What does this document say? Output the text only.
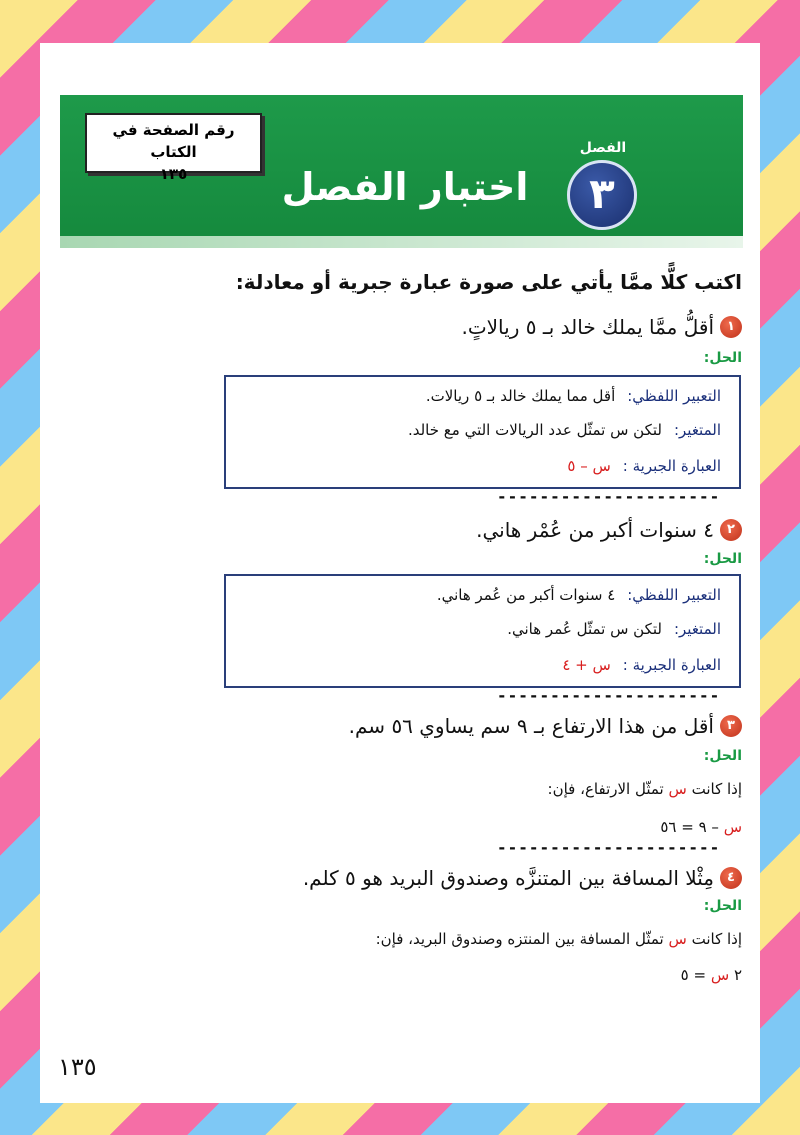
رقم الصفحة في الكتاب
١٣٥	اختبار الفصل
الفصل
٣
اكتب كلًّا ممَّا يأتي على صورة عبارة جبرية أو معادلة:
١
أقلُّ ممَّا يملك خالد بـ ٥ ريالاتٍ.
الحل:
التعبير اللفظي:
أقل مما يملك خالد بـ ٥ ريالات.
المتغير:
لتكن س تمثّل عدد الريالات التي مع خالد.
العبارة الجبرية :
س – ٥
---------------------
٢
٤ سنوات أكبر من عُمْر هاني.
الحل:
التعبير اللفظي:
٤ سنوات أكبر من عُمر هاني.
المتغير:
لتكن س تمثّل عُمر هاني.
العبارة الجبرية :
س + ٤
---------------------
٣
أقل من هذا الارتفاع بـ ٩ سم يساوي ٥٦ سم.
الحل:
إذا كانت س تمثّل الارتفاع، فإن:
س – ٩ = ٥٦
---------------------
٤
مِثْلا المسافة بين المتنزَّه وصندوق البريد هو ٥ كلم.
الحل:
إذا كانت س تمثّل المسافة بين المنتزه وصندوق البريد، فإن:
٢ س = ٥
١٣٥
